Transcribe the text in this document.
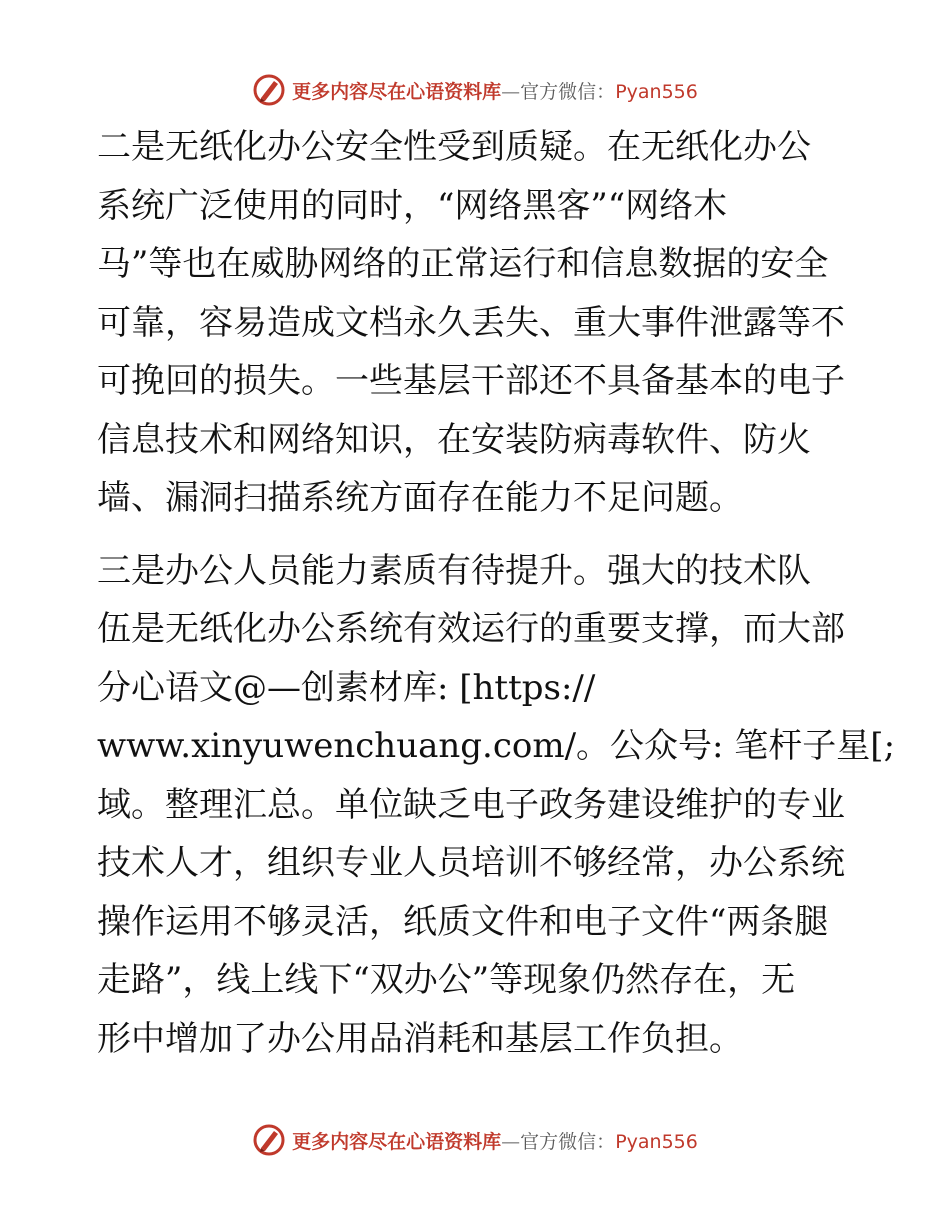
更多内容尽在心语资料库—官方微信：Pyan556

二是无纸化办公安全性受到质疑。在无纸化办公
系统广泛使用的同时，“网络黑客”“网络木
马”等也在威胁网络的正常运行和信息数据的安全
可靠，容易造成文档永久丢失、重大事件泄露等不
可挽回的损失。一些基层干部还不具备基本的电子
信息技术和网络知识，在安装防病毒软件、防火
墙、漏洞扫描系统方面存在能力不足问题。

三是办公人员能力素质有待提升。强大的技术队
伍是无纸化办公系统有效运行的重要支撑，而大部
分心语文@—创素材库: [https://
www.xinyuwenchuang.com/。公众号: 笔杆子星[;
域。整理汇总。单位缺乏电子政务建设维护的专业
技术人才，组织专业人员培训不够经常，办公系统
操作运用不够灵活，纸质文件和电子文件“两条腿
走路”，线上线下“双办公”等现象仍然存在，无
形中增加了办公用品消耗和基层工作负担。

更多内容尽在心语资料库—官方微信：Pyan556
